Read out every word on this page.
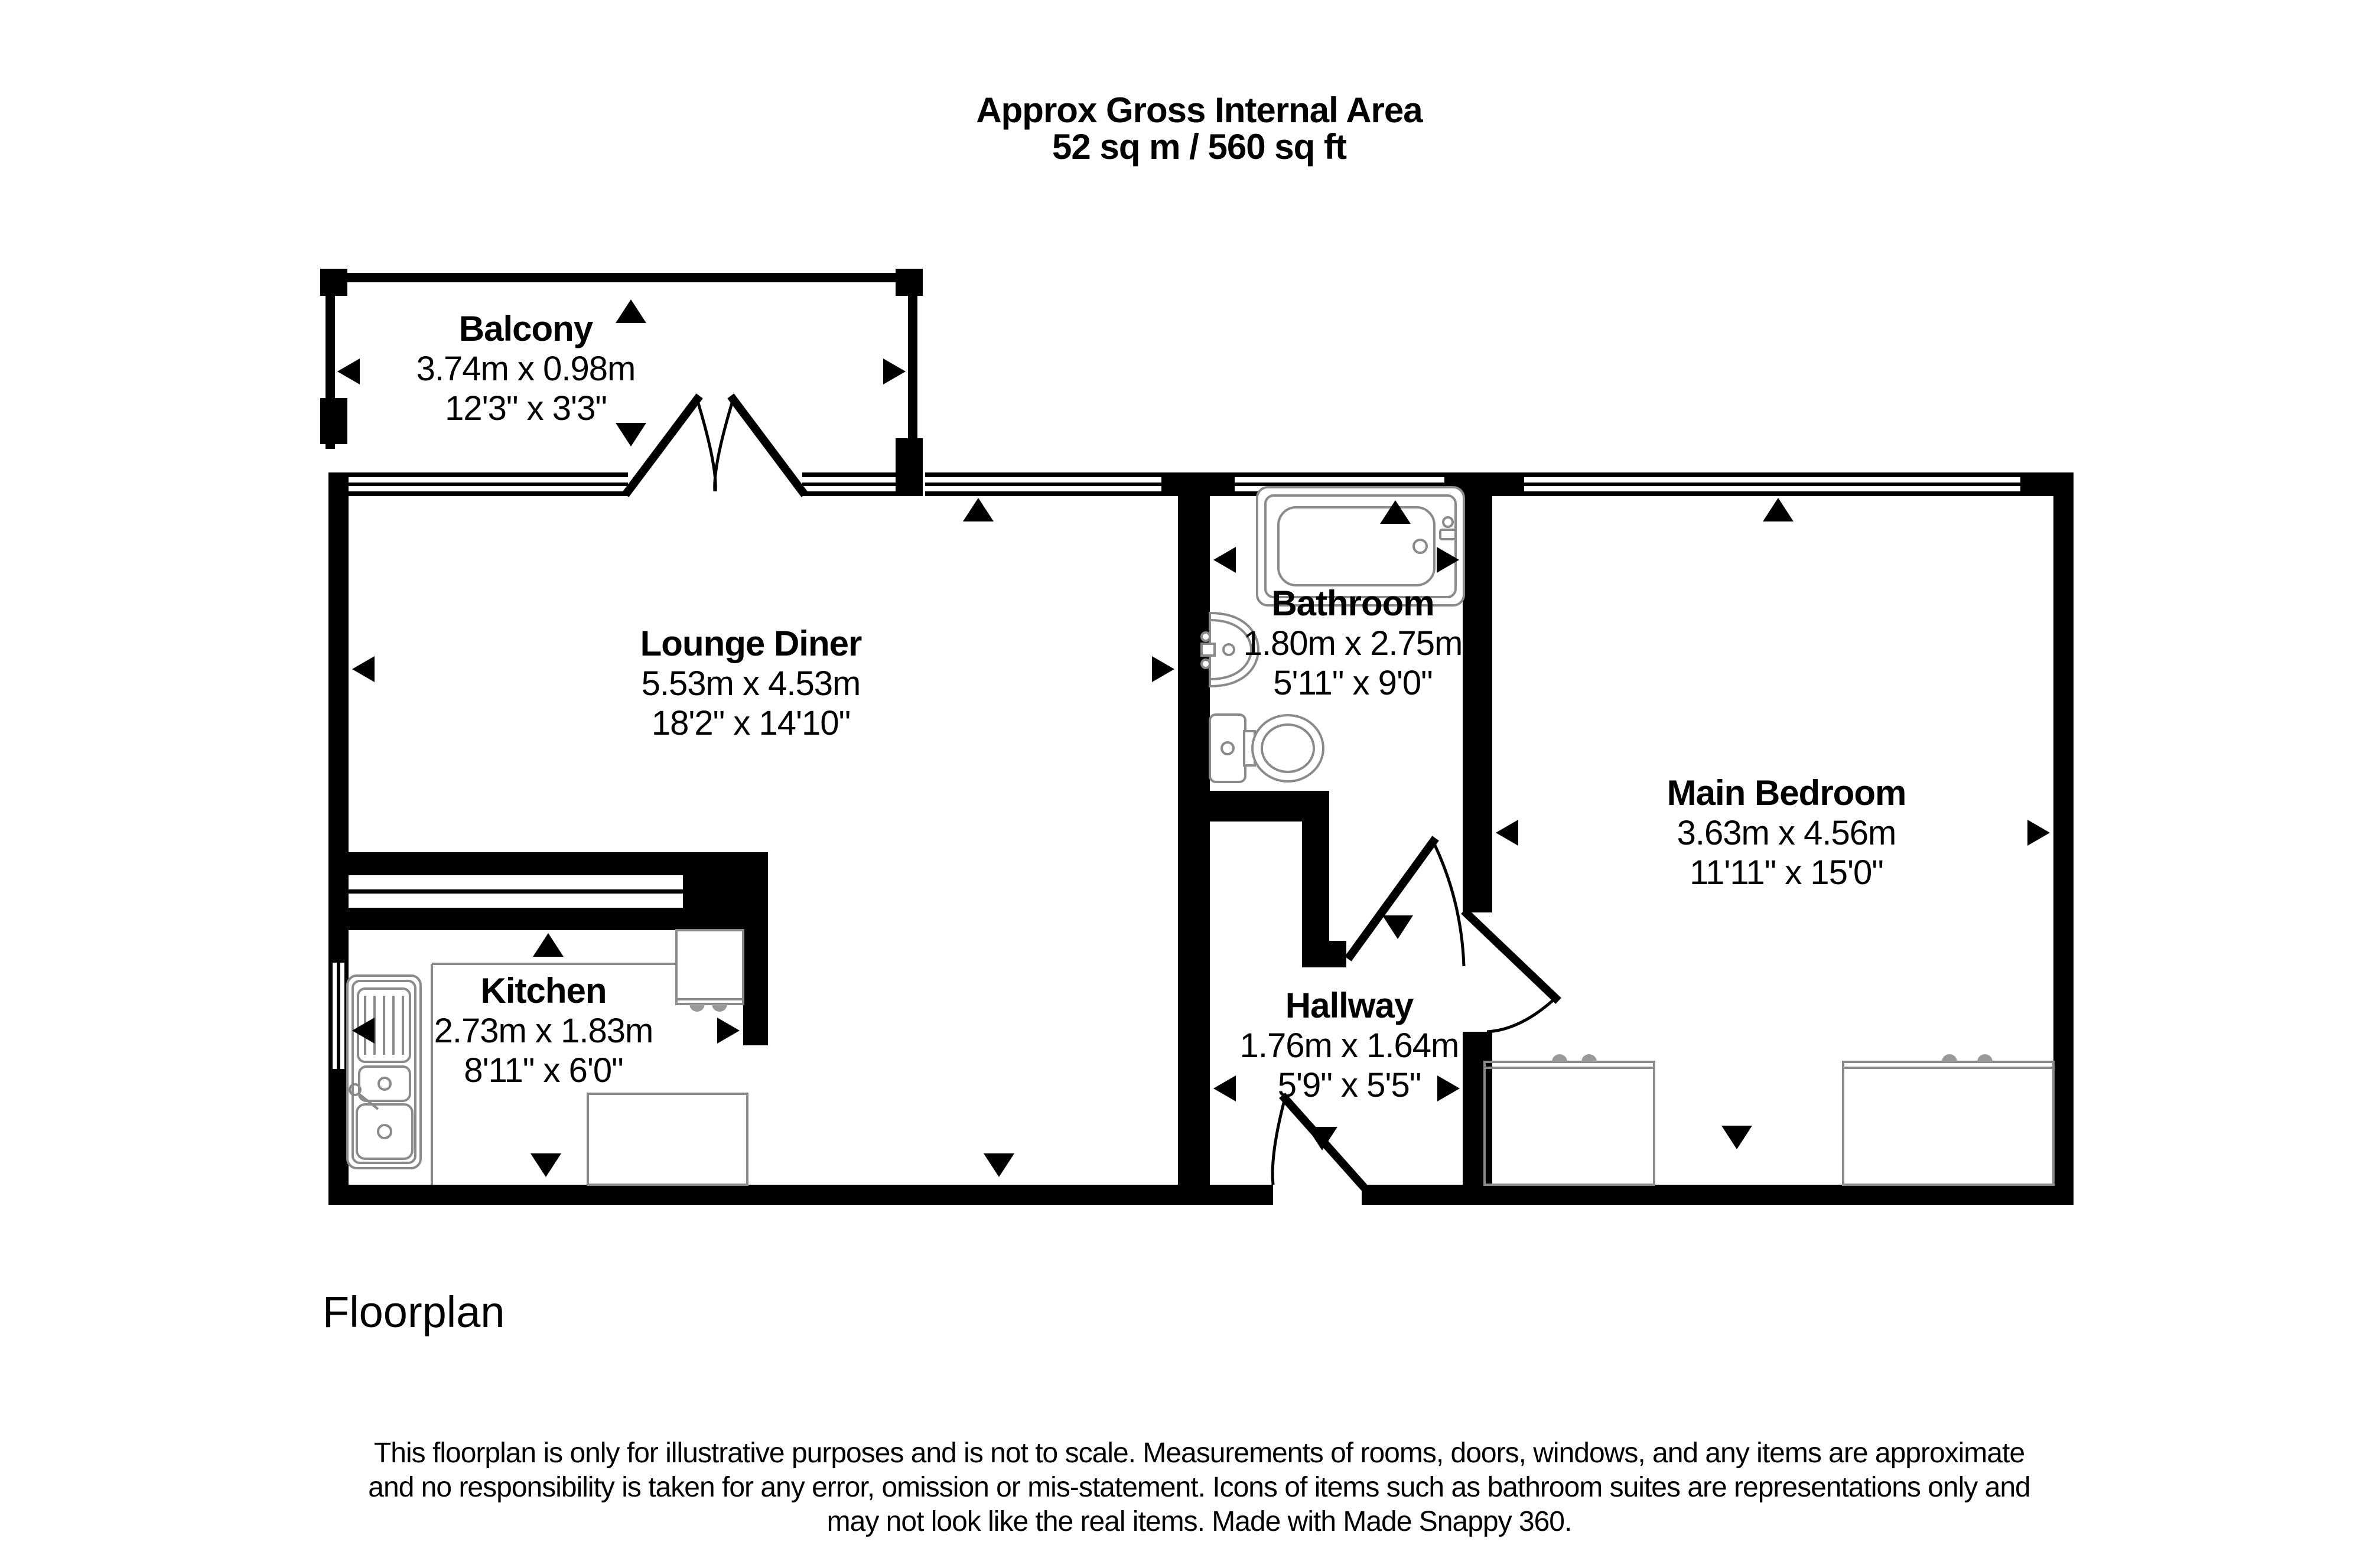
Approx Gross Internal Area
52 sq m / 560 sq ft
Balcony
3.74m x 0.98m
12'3" x 3'3"
Lounge Diner
5.53m x 4.53m
18'2" x 14'10"
Bathroom
1.80m x 2.75m
5'11" x 9'0"
Main Bedroom
3.63m x 4.56m
11'11" x 15'0"
Kitchen
2.73m x 1.83m
8'11" x 6'0"
Hallway
1.76m x 1.64m
5'9" x 5'5"
Floorplan
This floorplan is only for illustrative purposes and is not to scale. Measurements of rooms, doors, windows, and any items are approximate
and no responsibility is taken for any error, omission or mis-statement. Icons of items such as bathroom suites are representations only and
may not look like the real items. Made with Made Snappy 360.
